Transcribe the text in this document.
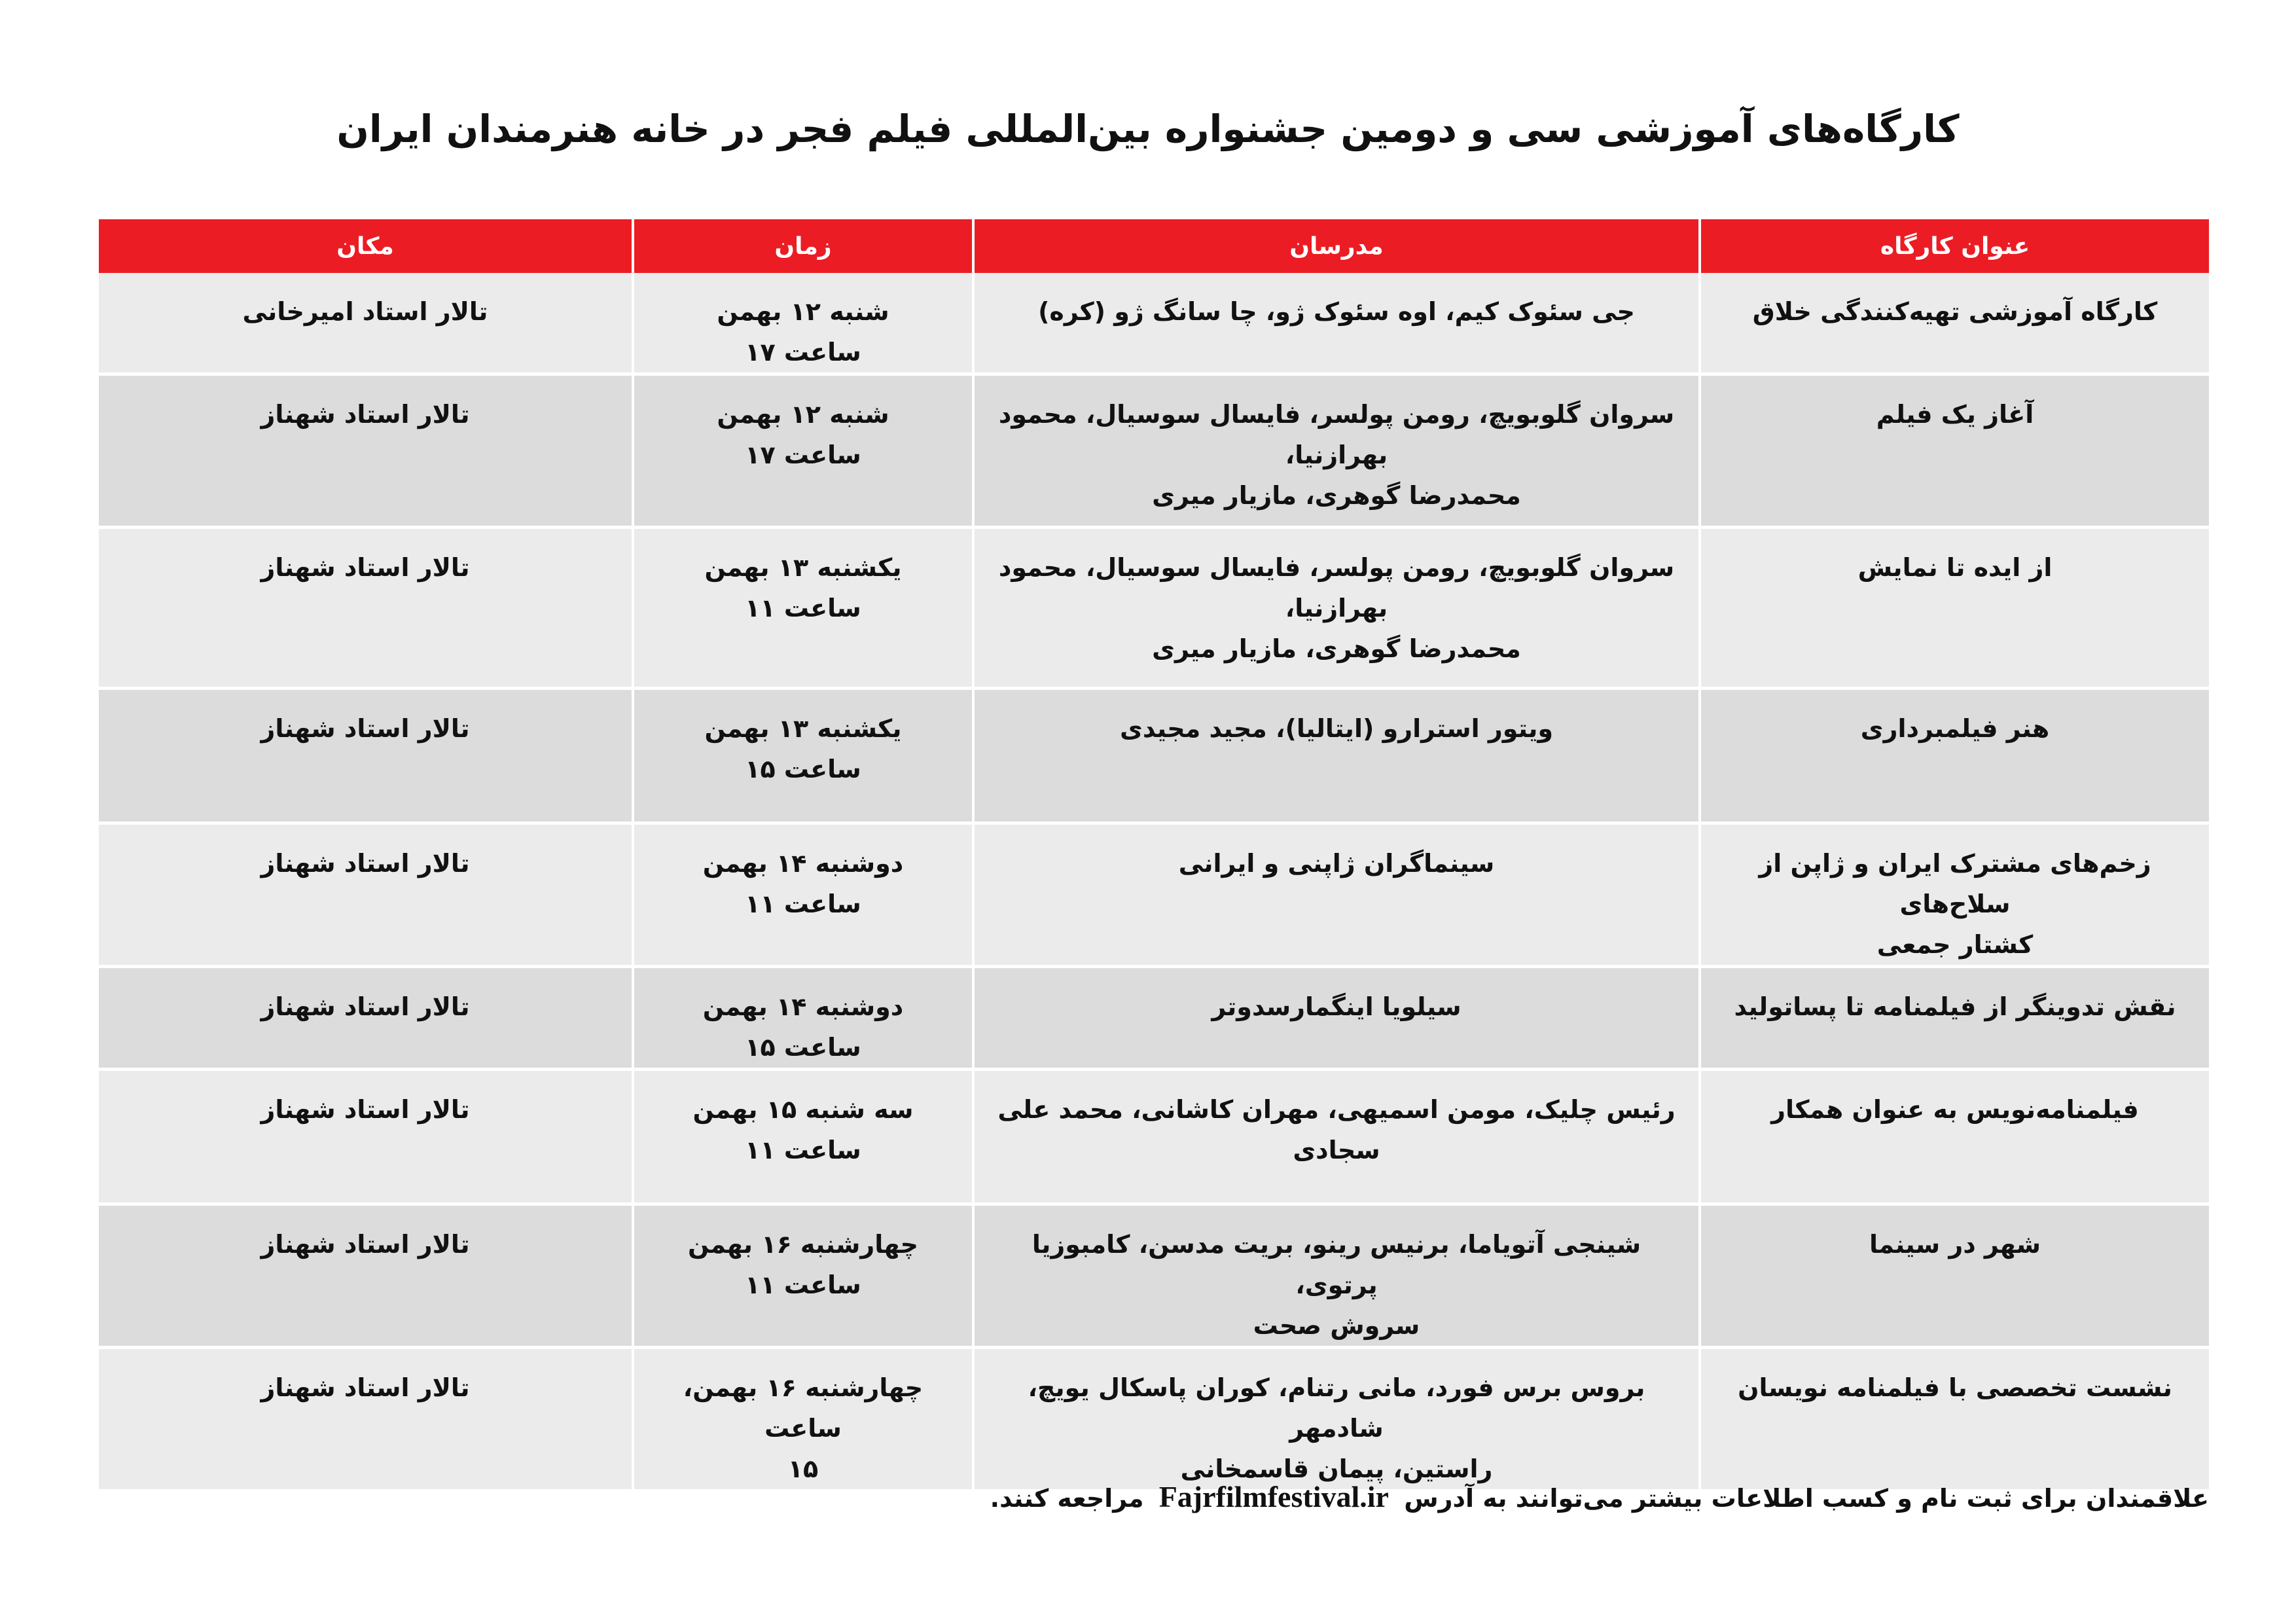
کارگاه‌های آموزشی سی و دومین جشنواره بین‌المللی فیلم فجر در خانه هنرمندان ایران
عنوان کارگاه	مدرسان	زمان	مکان

کارگاه آموزشی تهیه‌کنندگی خلاق	جی سئوک کیم، اوه سئوک ژو، چا سانگ ژو (کره)	شنبه ۱۲ بهمن
ساعت ۱۷	تالار استاد امیرخانی

آغاز یک فیلم	سروان گلوبویچ، رومن پولسر، فایسال سوسیال، محمود بهرازنیا،
محمدرضا گوهری، مازیار میری	شنبه ۱۲ بهمن
ساعت ۱۷	تالار استاد شهناز

از ایده تا نمایش	سروان گلوبویچ، رومن پولسر، فایسال سوسیال، محمود بهرازنیا،
محمدرضا گوهری، مازیار میری	یکشنبه ۱۳ بهمن
ساعت ۱۱	تالار استاد شهناز

هنر فیلمبرداری	ویتور استرارو (ایتالیا)، مجید مجیدی	یکشنبه ۱۳ بهمن
ساعت ۱۵	تالار استاد شهناز

زخم‌های مشترک ایران و ژاپن از سلاح‌های
کشتار جمعی	سینماگران ژاپنی و ایرانی	دوشنبه ۱۴ بهمن
ساعت ۱۱	تالار استاد شهناز

نقش تدوینگر از فیلمنامه تا پساتولید	سیلویا اینگمارسدوتر	دوشنبه ۱۴ بهمن
ساعت ۱۵	تالار استاد شهناز

فیلمنامه‌نویس به عنوان همکار	رئیس چلیک، مومن اسمیهی، مهران کاشانی، محمد علی سجادی	سه شنبه ۱۵ بهمن
ساعت ۱۱	تالار استاد شهناز

شهر در سینما	شینجی آتویاما، برنیس رینو، بریت مدسن، کامبوزیا پرتوی،
سروش صحت	چهارشنبه ۱۶ بهمن
ساعت ۱۱	تالار استاد شهناز

نشست تخصصی با فیلمنامه نویسان	بروس برس فورد، مانی رتنام، کوران پاسکال یویچ، شادمهر
راستین، پیمان قاسمخانی	چهارشنبه ۱۶ بهمن، ساعت
۱۵	تالار استاد شهناز
علاقمندان برای ثبت نام و کسب اطلاعات بیشتر می‌توانند به آدرس Fajrfilmfestival.ir مراجعه کنند.
